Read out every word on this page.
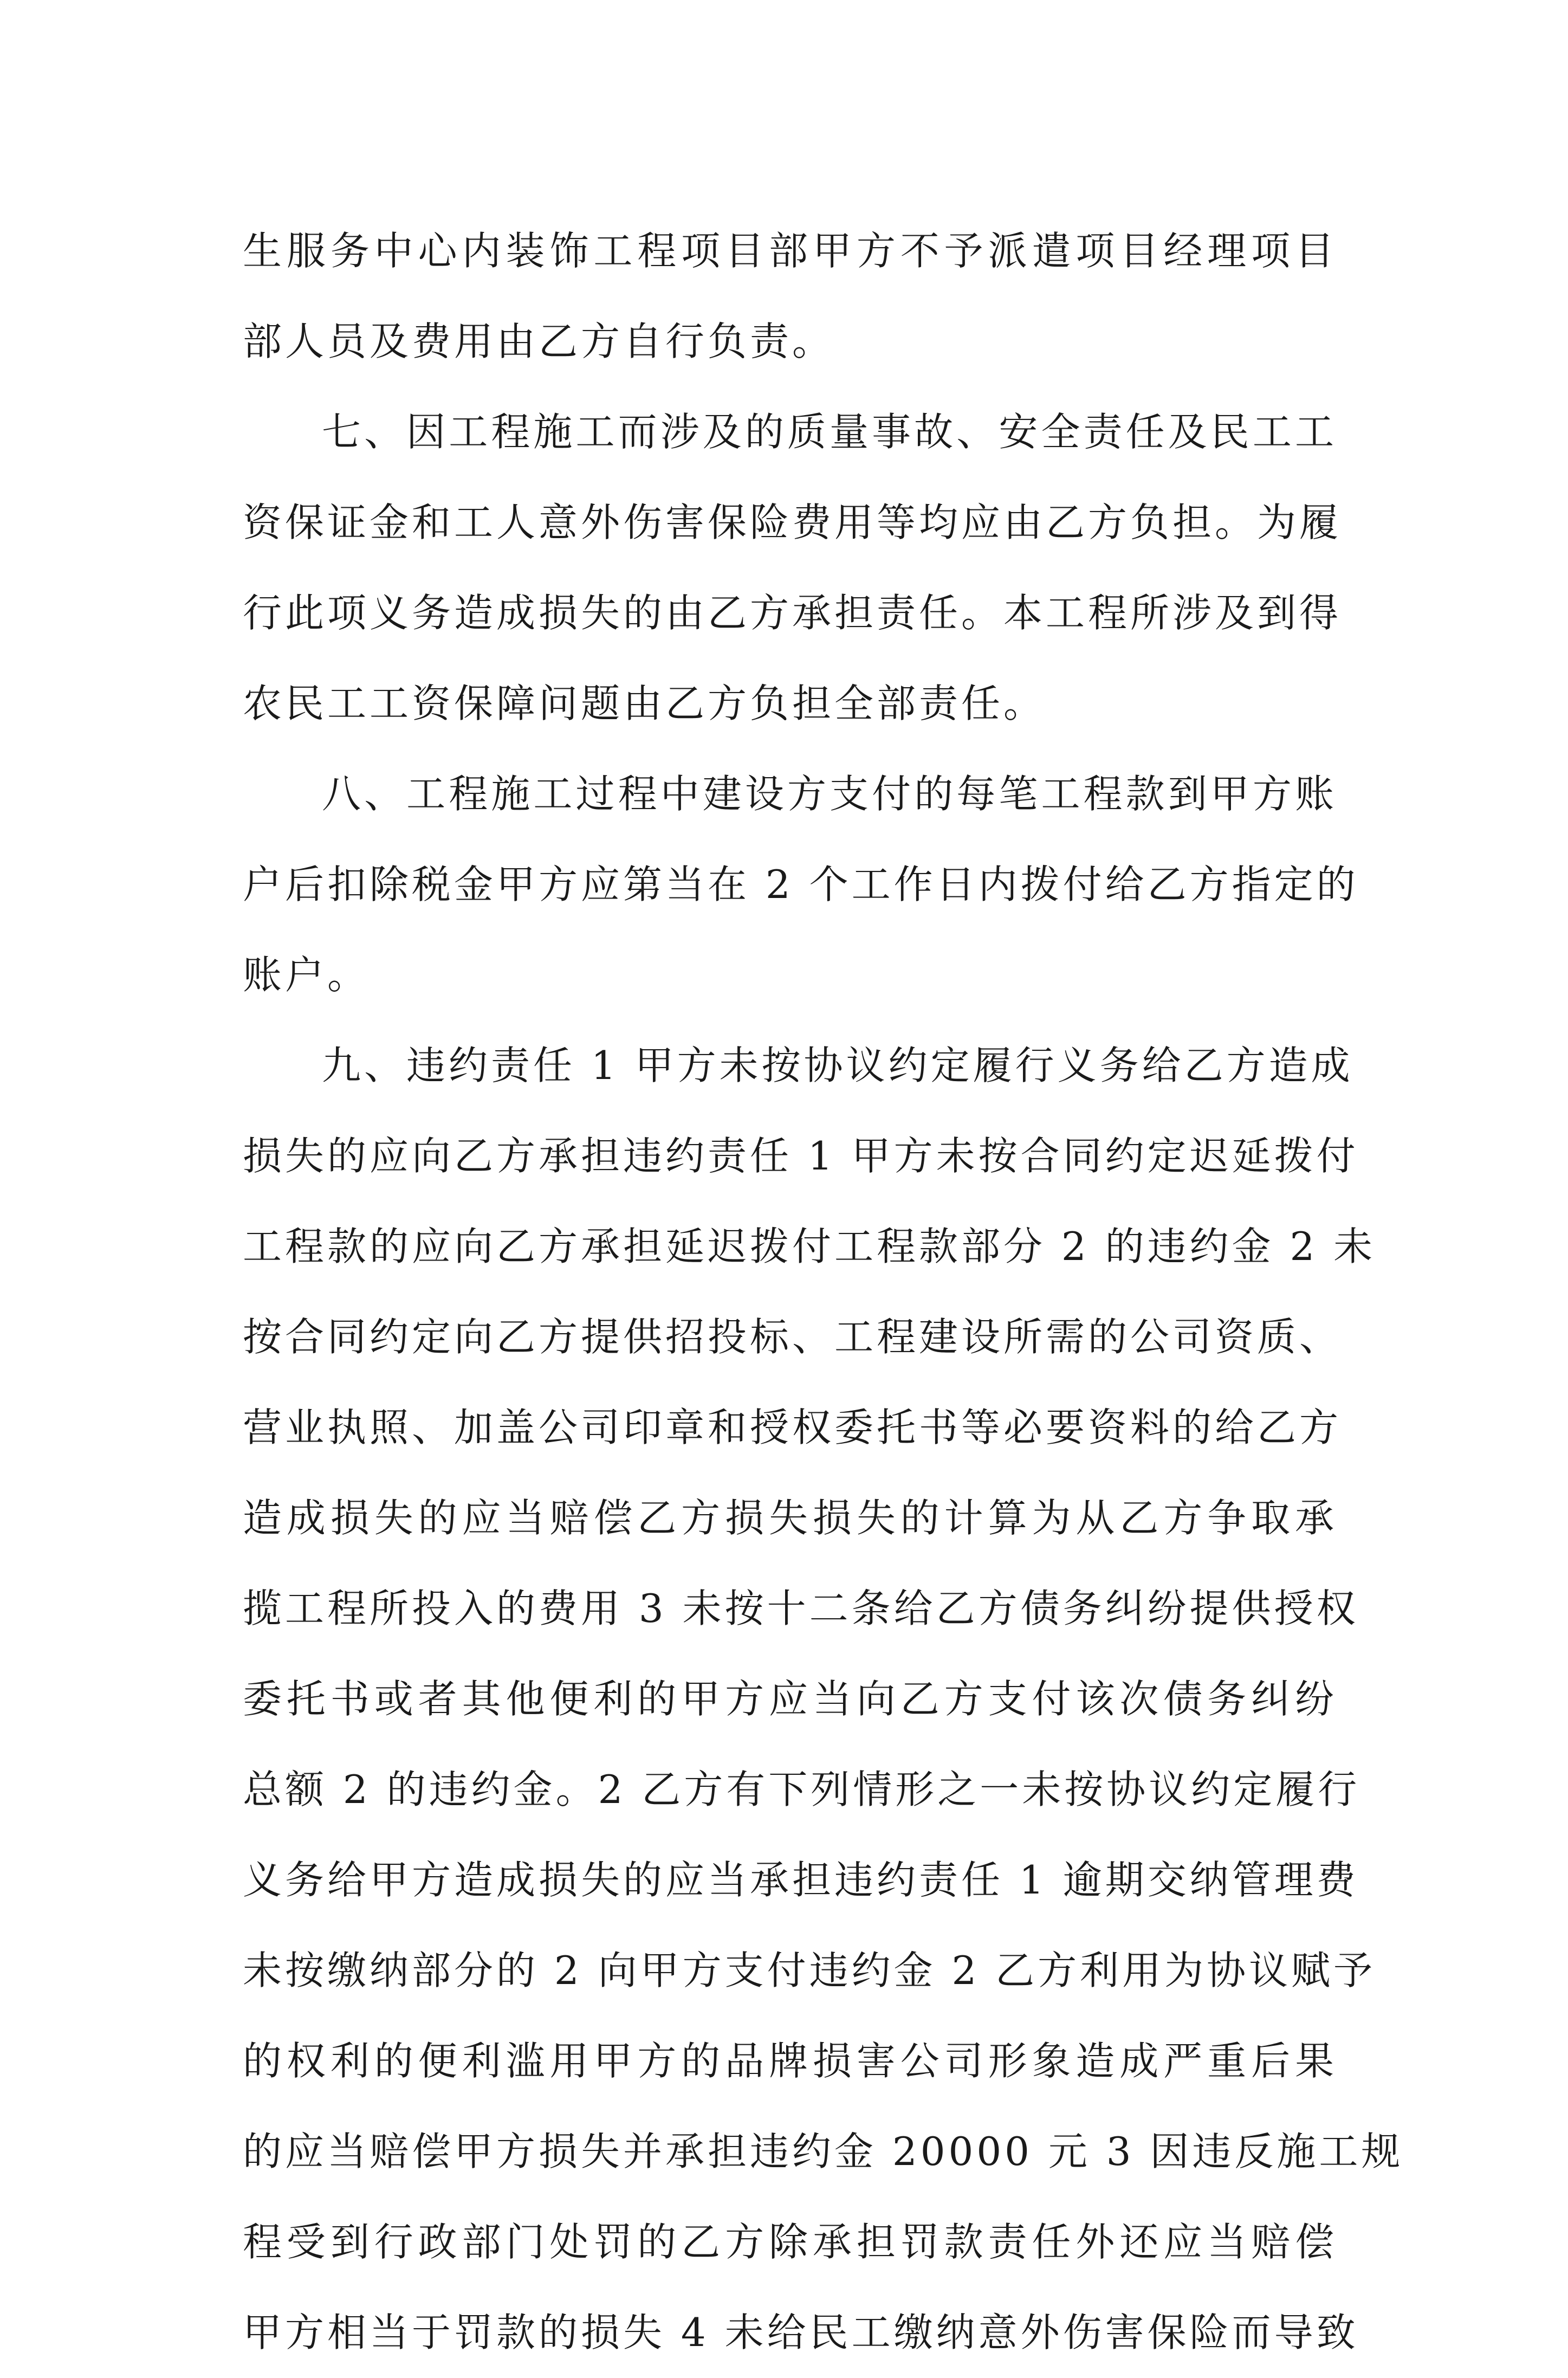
生服务中心内装饰工程项目部甲方不予派遣项目经理项目
部人员及费用由乙方自行负责。
七、因工程施工而涉及的质量事故、安全责任及民工工
资保证金和工人意外伤害保险费用等均应由乙方负担。为履
行此项义务造成损失的由乙方承担责任。本工程所涉及到得
农民工工资保障问题由乙方负担全部责任。
八、工程施工过程中建设方支付的每笔工程款到甲方账
户后扣除税金甲方应第当在 2 个工作日内拨付给乙方指定的
账户。
九、违约责任 1 甲方未按协议约定履行义务给乙方造成
损失的应向乙方承担违约责任 1 甲方未按合同约定迟延拨付
工程款的应向乙方承担延迟拨付工程款部分 2 的违约金 2 未
按合同约定向乙方提供招投标、工程建设所需的公司资质、
营业执照、加盖公司印章和授权委托书等必要资料的给乙方
造成损失的应当赔偿乙方损失损失的计算为从乙方争取承
揽工程所投入的费用 3 未按十二条给乙方债务纠纷提供授权
委托书或者其他便利的甲方应当向乙方支付该次债务纠纷
总额 2 的违约金。2 乙方有下列情形之一未按协议约定履行
义务给甲方造成损失的应当承担违约责任 1 逾期交纳管理费
未按缴纳部分的 2 向甲方支付违约金 2 乙方利用为协议赋予
的权利的便利滥用甲方的品牌损害公司形象造成严重后果
的应当赔偿甲方损失并承担违约金 20000 元 3 因违反施工规
程受到行政部门处罚的乙方除承担罚款责任外还应当赔偿
甲方相当于罚款的损失 4 未给民工缴纳意外伤害保险而导致
